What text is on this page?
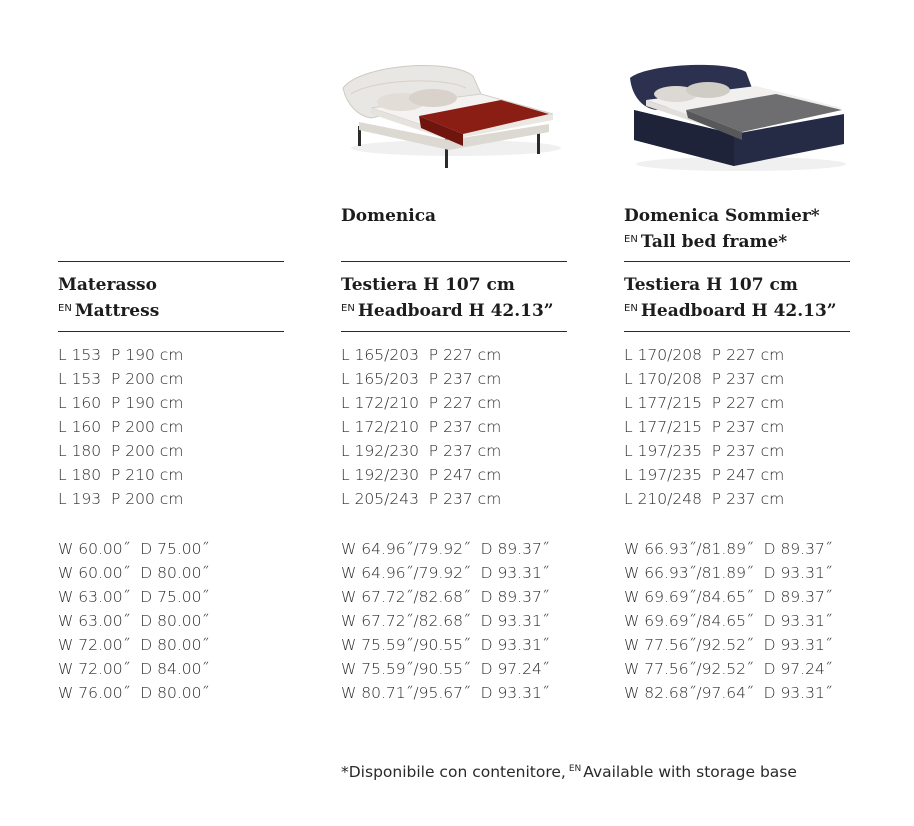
Materasso
$^{EN}$ Mattress
L 153  P 190 cm
L 153  P 200 cm
L 160  P 190 cm
L 160  P 200 cm
L 180  P 200 cm
L 180  P 210 cm
L 193  P 200 cm
W 60.00˝  D 75.00˝
W 60.00˝  D 80.00˝
W 63.00˝  D 75.00˝
W 63.00˝  D 80.00˝
W 72.00˝  D 80.00˝
W 72.00˝  D 84.00˝
W 76.00˝  D 80.00˝
Domenica
Testiera H 107 cm
$^{EN}$ Headboard H 42.13”
L 165/203  P 227 cm
L 165/203  P 237 cm
L 172/210  P 227 cm
L 172/210  P 237 cm
L 192/230  P 237 cm
L 192/230  P 247 cm
L 205/243  P 237 cm
W 64.96˝/79.92˝  D 89.37˝
W 64.96˝/79.92˝  D 93.31˝
W 67.72˝/82.68˝  D 89.37˝
W 67.72˝/82.68˝  D 93.31˝
W 75.59˝/90.55˝  D 93.31˝
W 75.59˝/90.55˝  D 97.24˝
W 80.71˝/95.67˝  D 93.31˝
Domenica Sommier*
$^{EN}$ Tall bed frame*
Testiera H 107 cm
$^{EN}$ Headboard H 42.13”
L 170/208  P 227 cm
L 170/208  P 237 cm
L 177/215  P 227 cm
L 177/215  P 237 cm
L 197/235  P 237 cm
L 197/235  P 247 cm
L 210/248  P 237 cm
W 66.93˝/81.89˝  D 89.37˝
W 66.93˝/81.89˝  D 93.31˝
W 69.69˝/84.65˝  D 89.37˝
W 69.69˝/84.65˝  D 93.31˝
W 77.56˝/92.52˝  D 93.31˝
W 77.56˝/92.52˝  D 97.24˝
W 82.68˝/97.64˝  D 93.31˝
*Disponibile con contenitore, $^{EN}$ Available with storage base
